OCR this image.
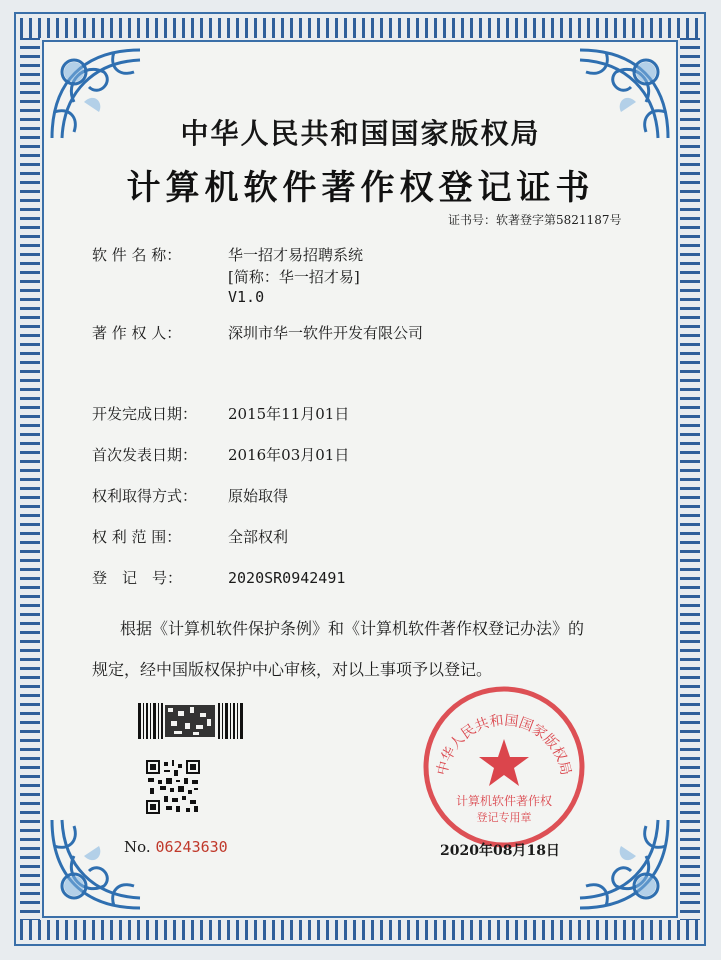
中华人民共和国国家版权局
计算机软件著作权登记证书
证书号：软著登字第5821187号
软 件 名 称：	华一招才易招聘系统
[简称：华一招才易]
V1.0
著 作 权 人：	深圳市华一软件开发有限公司
开发完成日期： 2015年11月01日
首次发表日期： 2016年03月01日
权利取得方式： 原始取得
权 利 范 围：	全部权利
登　记　号：	2020SR0942491
根据《计算机软件保护条例》和《计算机软件著作权登记办法》的
规定，经中国版权保护中心审核，对以上事项予以登记。
No. 06243630
中华人民共和国国家版权局
计算机软件著作权
登记专用章
2020年08月18日
